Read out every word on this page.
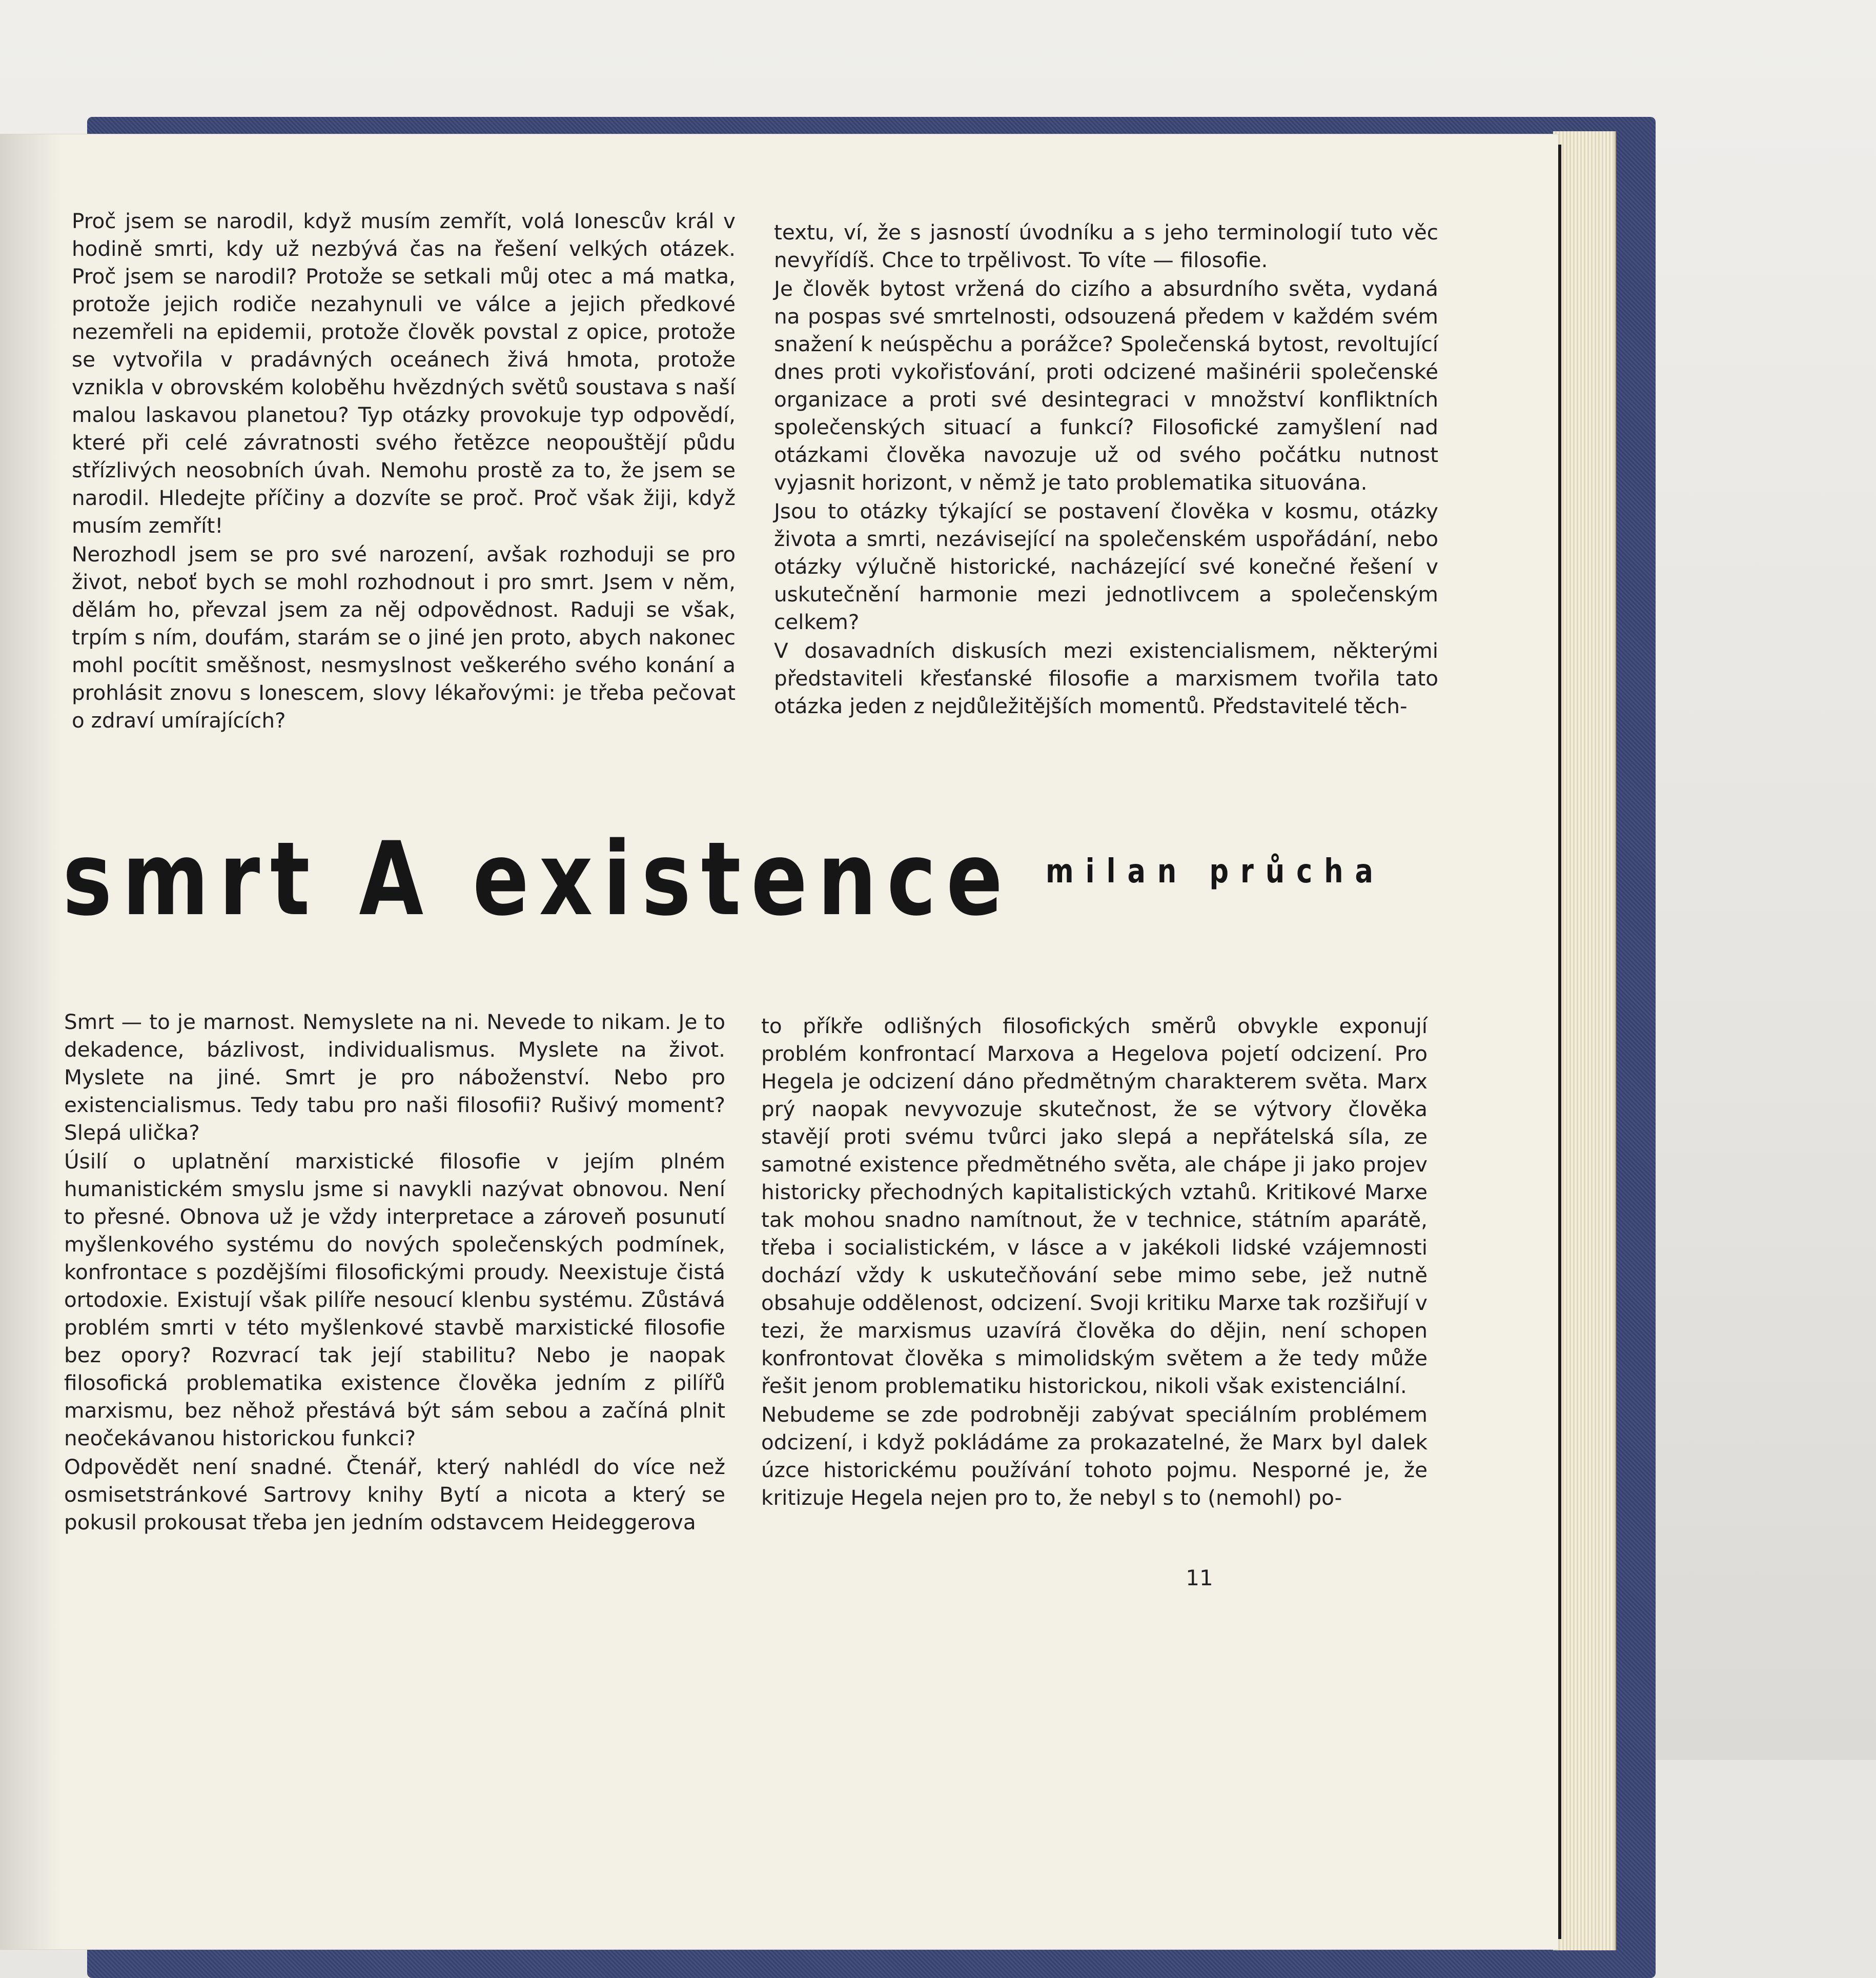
Proč jsem se narodil, když musím zemřít, volá Ionescův král v hodině smrti, kdy už nezbývá čas na řešení velkých otázek. Proč jsem se narodil? Protože se setkali můj otec a má matka, protože jejich rodiče nezahynuli ve válce a jejich předkové nezemřeli na epidemii, protože člověk povstal z opice, protože se vytvořila v pradávných oceánech živá hmota, protože vznikla v obrovském koloběhu hvězdných světů soustava s naší malou laskavou planetou? Typ otázky provokuje typ odpovědí, které při celé závratnosti svého řetězce neopouštějí půdu střízlivých neosobních úvah. Nemohu prostě za to, že jsem se narodil. Hledejte příčiny a dozvíte se proč. Proč však žiji, když musím zemřít!

Nerozhodl jsem se pro své narození, avšak rozhoduji se pro život, neboť bych se mohl rozhodnout i pro smrt. Jsem v něm, dělám ho, převzal jsem za něj odpovědnost. Raduji se však, trpím s ním, doufám, starám se o jiné jen proto, abych nakonec mohl pocítit směšnost, nesmyslnost veškerého svého konání a prohlásit znovu s Ionescem, slovy lékařovými: je třeba pečovat o zdraví umírajících?

textu, ví, že s jasností úvodníku a s jeho terminologií tuto věc nevyřídíš. Chce to trpělivost. To víte — filosofie.

Je člověk bytost vržená do cizího a absurdního světa, vydaná na pospas své smrtelnosti, odsouzená předem v každém svém snažení k neúspěchu a porážce? Společenská bytost, revoltující dnes proti vykořisťování, proti odcizené mašinérii společenské organizace a proti své desintegraci v množství konfliktních společenských situací a funkcí? Filosofické zamyšlení nad otázkami člověka navozuje už od svého počátku nutnost vyjasnit horizont, v němž je tato problematika situována.

Jsou to otázky týkající se postavení člověka v kosmu, otázky života a smrti, nezávisející na společenském uspořádání, nebo otázky výlučně historické, nacházející své konečné řešení v uskutečnění harmonie mezi jednotlivcem a společenským celkem?

V dosavadních diskusích mezi existencialismem, některými představiteli křesťanské filosofie a marxismem tvořila tato otázka jeden z nejdůležitějších momentů. Představitelé těch-

smrt A existence milan průcha

Smrt — to je marnost. Nemyslete na ni. Nevede to nikam. Je to dekadence, bázlivost, individualismus. Myslete na život. Myslete na jiné. Smrt je pro náboženství. Nebo pro existencialismus. Tedy tabu pro naši filosofii? Rušivý moment? Slepá ulička?

Úsilí o uplatnění marxistické filosofie v jejím plném humanistickém smyslu jsme si navykli nazývat obnovou. Není to přesné. Obnova už je vždy interpretace a zároveň posunutí myšlenkového systému do nových společenských podmínek, konfrontace s pozdějšími filosofickými proudy. Neexistuje čistá ortodoxie. Existují však pilíře nesoucí klenbu systému. Zůstává problém smrti v této myšlenkové stavbě marxistické filosofie bez opory? Rozvrací tak její stabilitu? Nebo je naopak filosofická problematika existence člověka jedním z pilířů marxismu, bez něhož přestává být sám sebou a začíná plnit neočekávanou historickou funkci?

Odpovědět není snadné. Čtenář, který nahlédl do více než osmisetstránkové Sartrovy knihy Bytí a nicota a který se pokusil prokousat třeba jen jedním odstavcem Heideggerova

to příkře odlišných filosofických směrů obvykle exponují problém konfrontací Marxova a Hegelova pojetí odcizení. Pro Hegela je odcizení dáno předmětným charakterem světa. Marx prý naopak nevyvozuje skutečnost, že se výtvory člověka stavějí proti svému tvůrci jako slepá a nepřátelská síla, ze samotné existence předmětného světa, ale chápe ji jako projev historicky přechodných kapitalistických vztahů. Kritikové Marxe tak mohou snadno namítnout, že v technice, státním aparátě, třeba i socialistickém, v lásce a v jakékoli lidské vzájemnosti dochází vždy k uskutečňování sebe mimo sebe, jež nutně obsahuje oddělenost, odcizení. Svoji kritiku Marxe tak rozšiřují v tezi, že marxismus uzavírá člověka do dějin, není schopen konfrontovat člověka s mimolidským světem a že tedy může řešit jenom problematiku historickou, nikoli však existenciální.

Nebudeme se zde podrobněji zabývat speciálním problémem odcizení, i když pokládáme za prokazatelné, že Marx byl dalek úzce historickému používání tohoto pojmu. Nesporné je, že kritizuje Hegela nejen pro to, že nebyl s to (nemohl) po-

11
